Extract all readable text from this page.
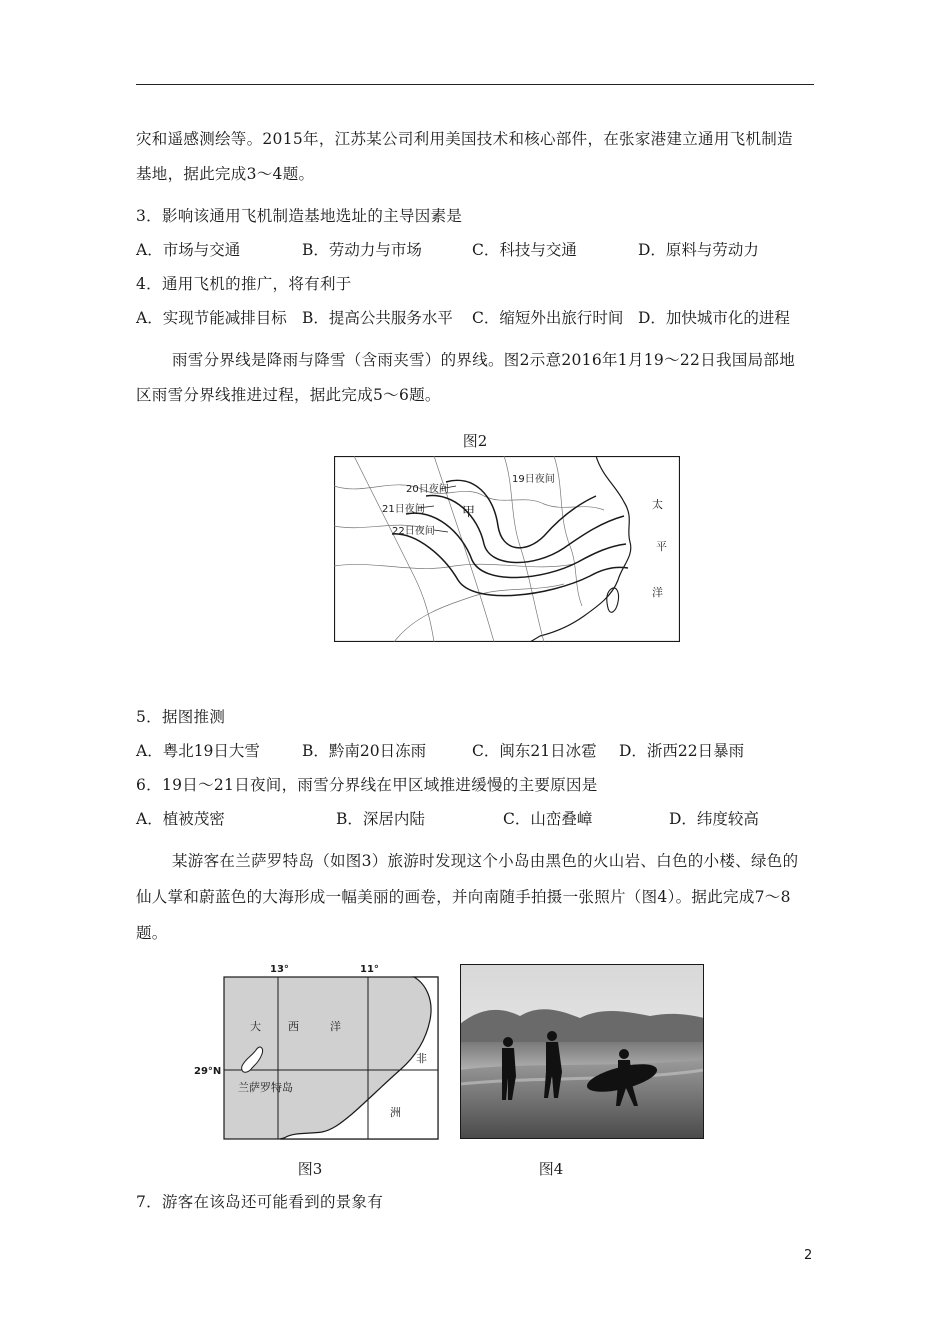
灾和遥感测绘等。2015年，江苏某公司利用美国技术和核心部件，在张家港建立通用飞机制造
基地，据此完成3～4题。
3．影响该通用飞机制造基地选址的主导因素是
A．市场与交通	B．劳动力与市场	C．科技与交通	D．原料与劳动力
4．通用飞机的推广，将有利于
A．实现节能减排目标 B．提高公共服务水平 C．缩短外出旅行时间 D．加快城市化的进程
雨雪分界线是降雨与降雪（含雨夹雪）的界线。图2示意2016年1月19～22日我国局部地
区雨雪分界线推进过程，据此完成5～6题。
图2
19日夜间
20日夜间
21日夜间
22日夜间
甲
太
平
洋
5．据图推测
A．粤北19日大雪	B．黔南20日冻雨	C．闽东21日冰雹 D．浙西22日暴雨
6．19日～21日夜间，雨雪分界线在甲区域推进缓慢的主要原因是
A．植被茂密	B．深居内陆	C．山峦叠嶂	D．纬度较高
某游客在兰萨罗特岛（如图3）旅游时发现这个小岛由黑色的火山岩、白色的小楼、绿色的
仙人掌和蔚蓝色的大海形成一幅美丽的画卷，并向南随手拍摄一张照片（图4）。据此完成7～8
题。
13°	11°
29°N
大 西	洋
非
洲
兰萨罗特岛
图3	图4
7．游客在该岛还可能看到的景象有
2
